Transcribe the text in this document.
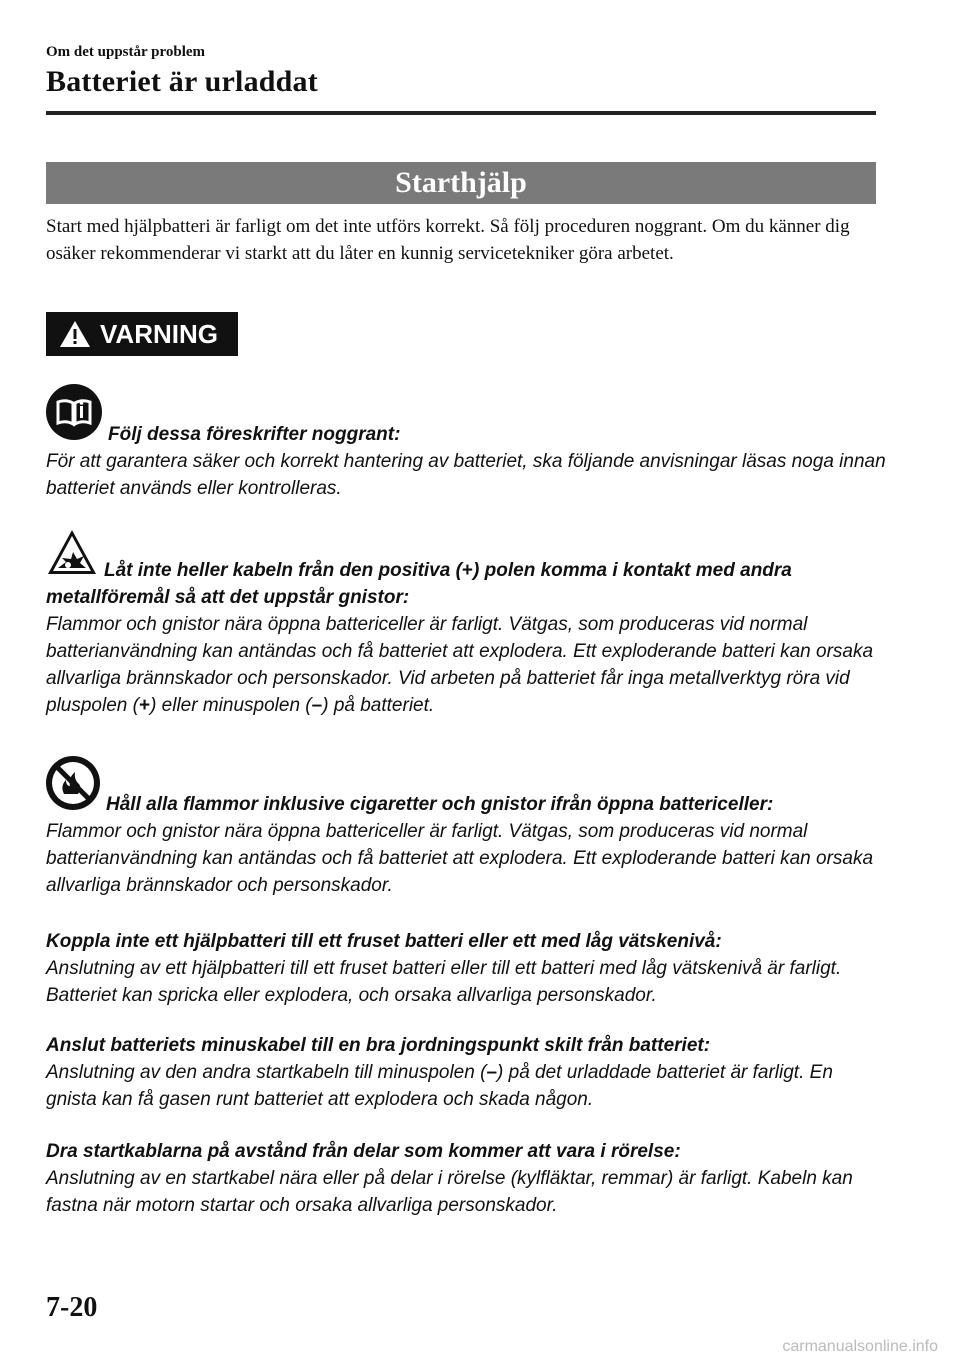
Om det uppstår problem

Batteriet är urladdat
Starthjälp

Start med hjälpbatteri är farligt om det inte utförs korrekt. Så följ proceduren noggrant. Om du känner dig osäker rekommenderar vi starkt att du låter en kunnig servicetekniker göra arbetet.

VARNING

Följ dessa föreskrifter noggrant:

För att garantera säker och korrekt hantering av batteriet, ska följande anvisningar läsas noga innan batteriet används eller kontrolleras.

Låt inte heller kabeln från den positiva (+) polen komma i kontakt med andra metallföremål så att det uppstår gnistor:

Flammor och gnistor nära öppna battericeller är farligt. Vätgas, som produceras vid normal batterianvändning kan antändas och få batteriet att explodera. Ett exploderande batteri kan orsaka allvarliga brännskador och personskador. Vid arbeten på batteriet får inga metallverktyg röra vid pluspolen (+) eller minuspolen (–) på batteriet.

Håll alla flammor inklusive cigaretter och gnistor ifrån öppna battericeller:

Flammor och gnistor nära öppna battericeller är farligt. Vätgas, som produceras vid normal batterianvändning kan antändas och få batteriet att explodera. Ett exploderande batteri kan orsaka allvarliga brännskador och personskador.

Koppla inte ett hjälpbatteri till ett fruset batteri eller ett med låg vätskenivå:

Anslutning av ett hjälpbatteri till ett fruset batteri eller till ett batteri med låg vätskenivå är farligt. Batteriet kan spricka eller explodera, och orsaka allvarliga personskador.

Anslut batteriets minuskabel till en bra jordningspunkt skilt från batteriet:

Anslutning av den andra startkabeln till minuspolen (–) på det urladdade batteriet är farligt. En gnista kan få gasen runt batteriet att explodera och skada någon.

Dra startkablarna på avstånd från delar som kommer att vara i rörelse:

Anslutning av en startkabel nära eller på delar i rörelse (kylfläktar, remmar) är farligt. Kabeln kan fastna när motorn startar och orsaka allvarliga personskador.

7-20

carmanualsonline.info
